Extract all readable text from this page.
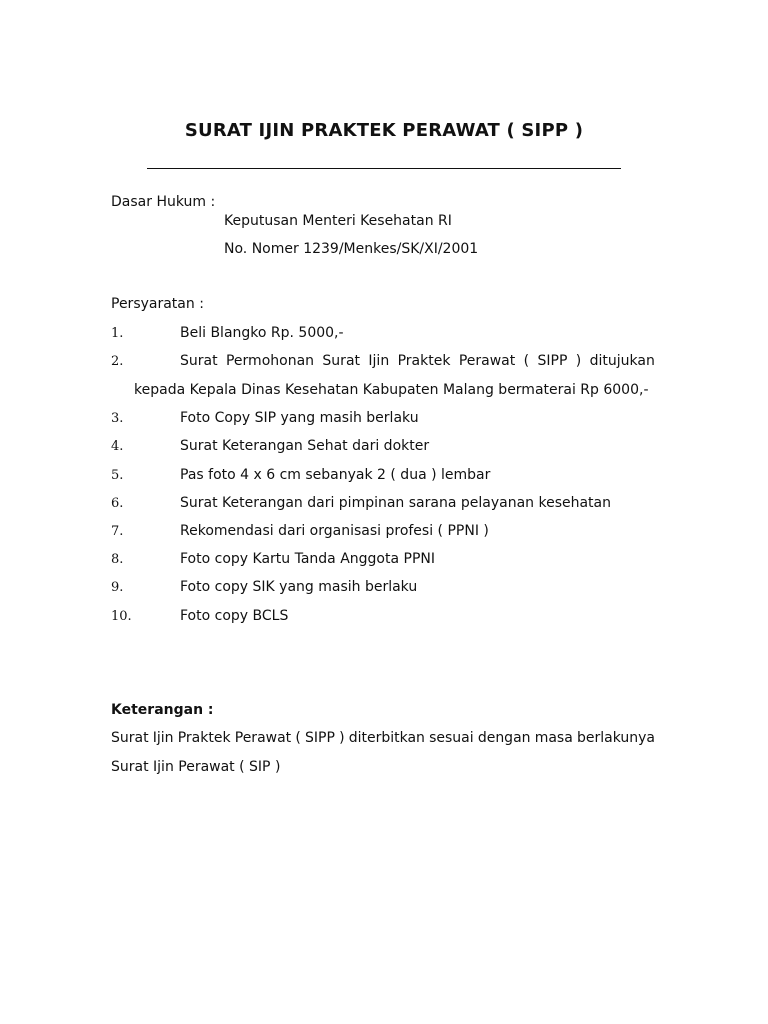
SURAT IJIN PRAKTEK PERAWAT ( SIPP )
Dasar Hukum :
Keputusan Menteri Kesehatan RI
No. Nomer 1239/Menkes/SK/XI/2001
Persyaratan :
1.	Beli Blangko Rp. 5000,-
2.	Surat Permohonan Surat Ijin Praktek Perawat ( SIPP ) ditujukan
kepada Kepala Dinas Kesehatan Kabupaten Malang bermaterai Rp 6000,-
3.	Foto Copy SIP yang masih berlaku
4.	Surat Keterangan Sehat dari dokter
5.	Pas foto 4 x 6 cm sebanyak 2 ( dua ) lembar
6.	Surat Keterangan dari pimpinan sarana pelayanan kesehatan
7.	Rekomendasi dari organisasi profesi ( PPNI )
8.	Foto copy Kartu Tanda Anggota PPNI
9.	Foto copy SIK yang masih berlaku
10.	Foto copy BCLS
Keterangan :
Surat Ijin Praktek Perawat ( SIPP ) diterbitkan sesuai dengan masa berlakunya
Surat Ijin Perawat ( SIP )
